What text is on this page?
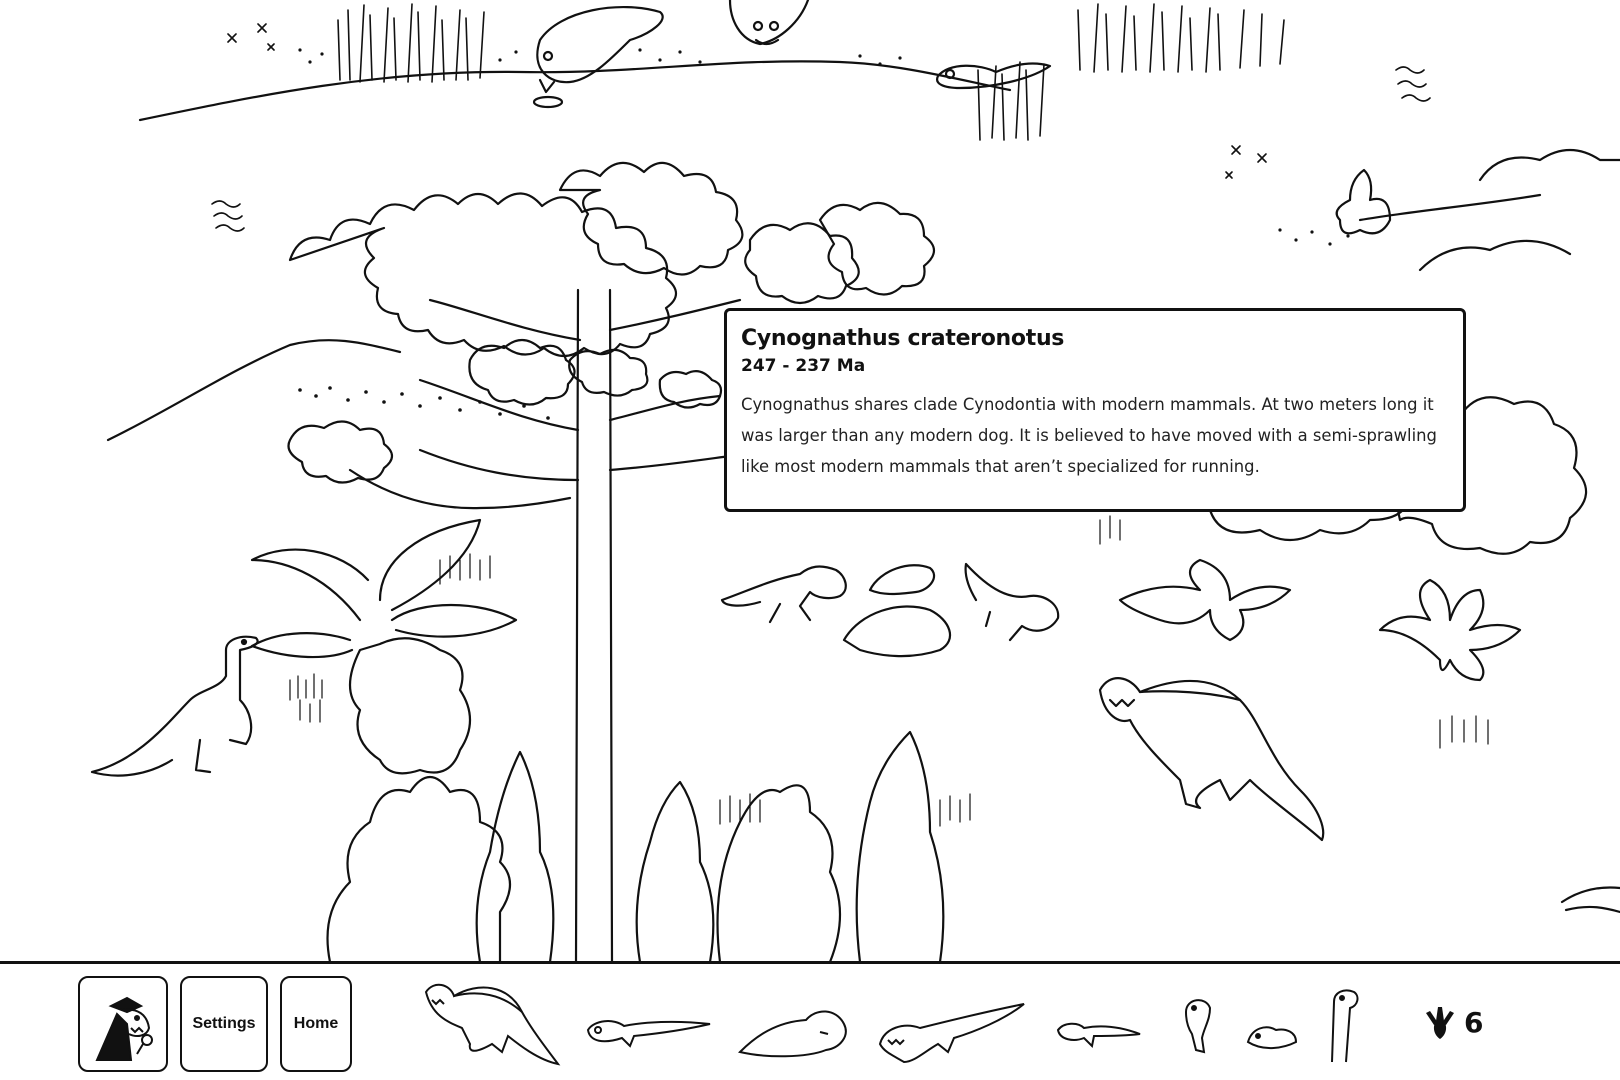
Cynognathus crateronotus
247 - 237 Ma

Cynognathus shares clade Cynodontia with modern mammals. At two meters long it was larger than any modern dog. It is believed to have moved with a semi-sprawling like most modern mammals that aren’t specialized for running.

Settings	Home	6
